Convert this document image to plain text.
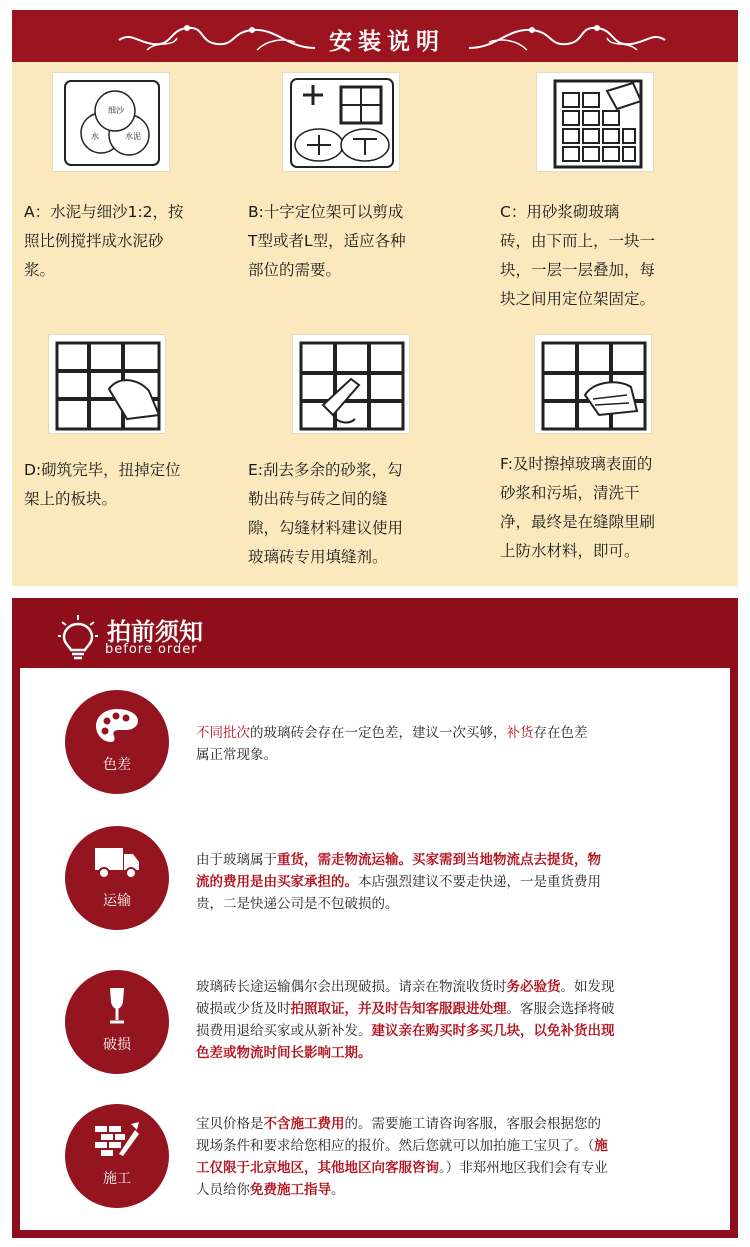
安装说明
细沙
水	水泥
A：水泥与细沙1:2，按
照比例搅拌成水泥砂
浆。
B:十字定位架可以剪成
T型或者L型，适应各种
部位的需要。
C：用砂浆砌玻璃
砖，由下而上，一块一
块，一层一层叠加，每
块之间用定位架固定。
D:砌筑完毕，扭掉定位
架上的板块。
E:刮去多余的砂浆，勾
勒出砖与砖之间的缝
隙，勾缝材料建议使用
玻璃砖专用填缝剂。
F:及时擦掉玻璃表面的
砂浆和污垢，清洗干
净，最终是在缝隙里刷
上防水材料，即可。
拍前须知
before order
色差
不同批次的玻璃砖会存在一定色差，建议一次买够，补货存在色差
属正常现象。
运输
由于玻璃属于重货，需走物流运输。买家需到当地物流点去提货，物
流的费用是由买家承担的。本店强烈建议不要走快递，一是重货费用
贵，二是快递公司是不包破损的。
破损
玻璃砖长途运输偶尔会出现破损。请亲在物流收货时务必验货。如发现
破损或少货及时拍照取证，并及时告知客服跟进处理。客服会选择将破
损费用退给买家或从新补发。建议亲在购买时多买几块，以免补货出现
色差或物流时间长影响工期。
施工
宝贝价格是不含施工费用的。需要施工请咨询客服，客服会根据您的
现场条件和要求给您相应的报价。然后您就可以加拍施工宝贝了。（施
工仅限于北京地区，其他地区向客服咨询。）非郑州地区我们会有专业
人员给你免费施工指导。
